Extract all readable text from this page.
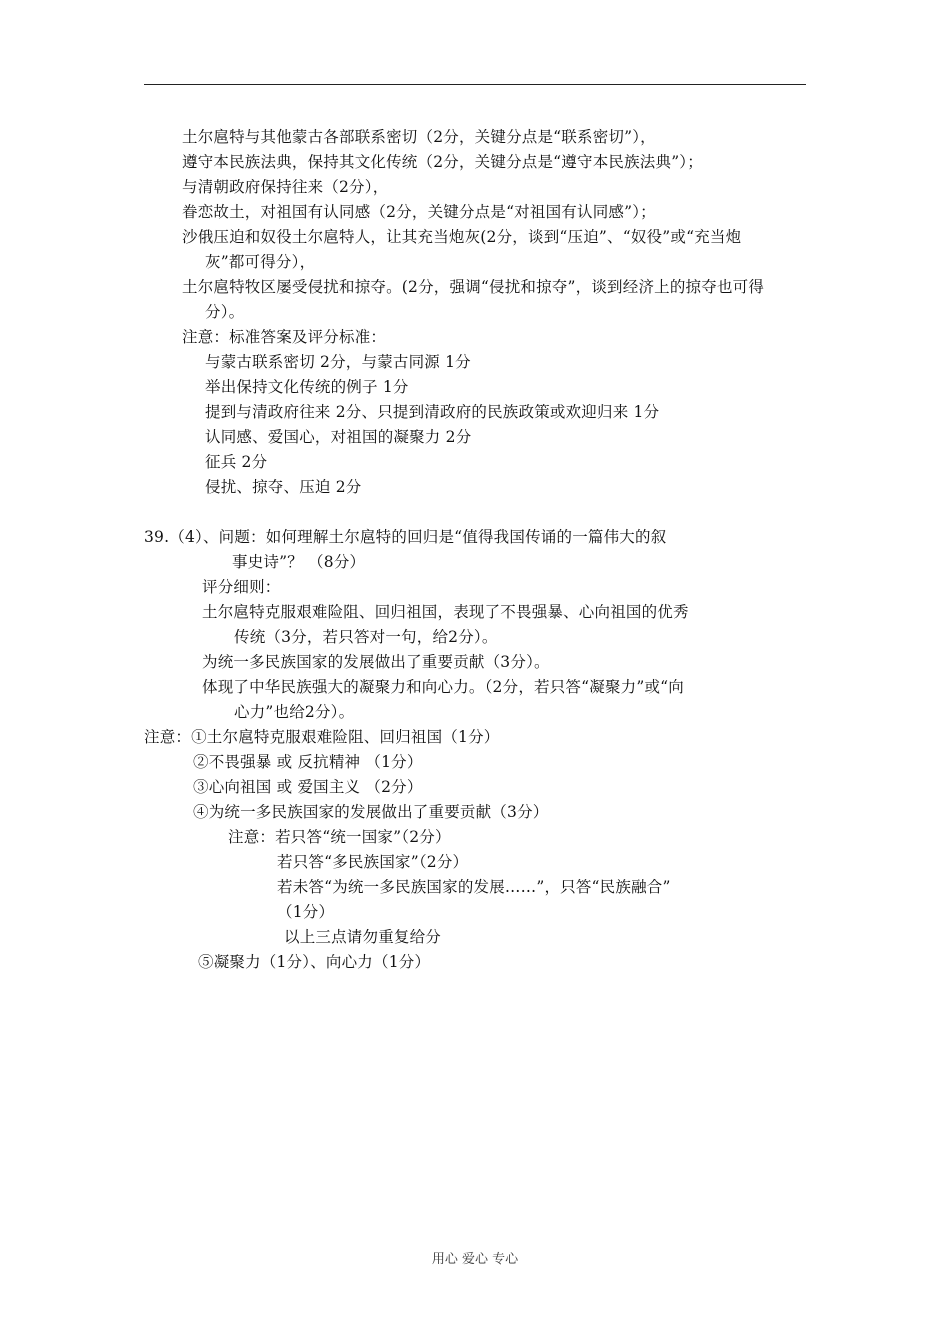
土尔扈特与其他蒙古各部联系密切（2分，关键分点是“联系密切”），
遵守本民族法典，保持其文化传统（2分，关键分点是“遵守本民族法典”）；
与清朝政府保持往来（2分），
眷恋故土，对祖国有认同感（2分，关键分点是“对祖国有认同感”）；
沙俄压迫和奴役土尔扈特人，让其充当炮灰(2分，谈到“压迫”、“奴役”或“充当炮
灰”都可得分），
土尔扈特牧区屡受侵扰和掠夺。(2分，强调“侵扰和掠夺”，谈到经济上的掠夺也可得
分）。
注意：标准答案及评分标准：
与蒙古联系密切 2分，与蒙古同源 1分
举出保持文化传统的例子 1分
提到与清政府往来 2分、只提到清政府的民族政策或欢迎归来 1分
认同感、爱国心，对祖国的凝聚力 2分
征兵 2分
侵扰、掠夺、压迫 2分
39.（4）、问题：如何理解土尔扈特的回归是“值得我国传诵的一篇伟大的叙
事史诗”？ （8分）
评分细则：
土尔扈特克服艰难险阻、回归祖国，表现了不畏强暴、心向祖国的优秀
传统（3分，若只答对一句，给2分）。
为统一多民族国家的发展做出了重要贡献（3分）。
体现了中华民族强大的凝聚力和向心力。（2分，若只答“凝聚力”或“向
心力”也给2分）。
注意：①土尔扈特克服艰难险阻、回归祖国（1分）
②不畏强暴 或 反抗精神 （1分）
③心向祖国 或 爱国主义 （2分）
④为统一多民族国家的发展做出了重要贡献（3分）
注意：若只答“统一国家”（2分）
若只答“多民族国家”（2分）
若未答“为统一多民族国家的发展……”，只答“民族融合”
（1分）
以上三点请勿重复给分
⑤凝聚力（1分）、向心力（1分）
用心 爱心 专心
